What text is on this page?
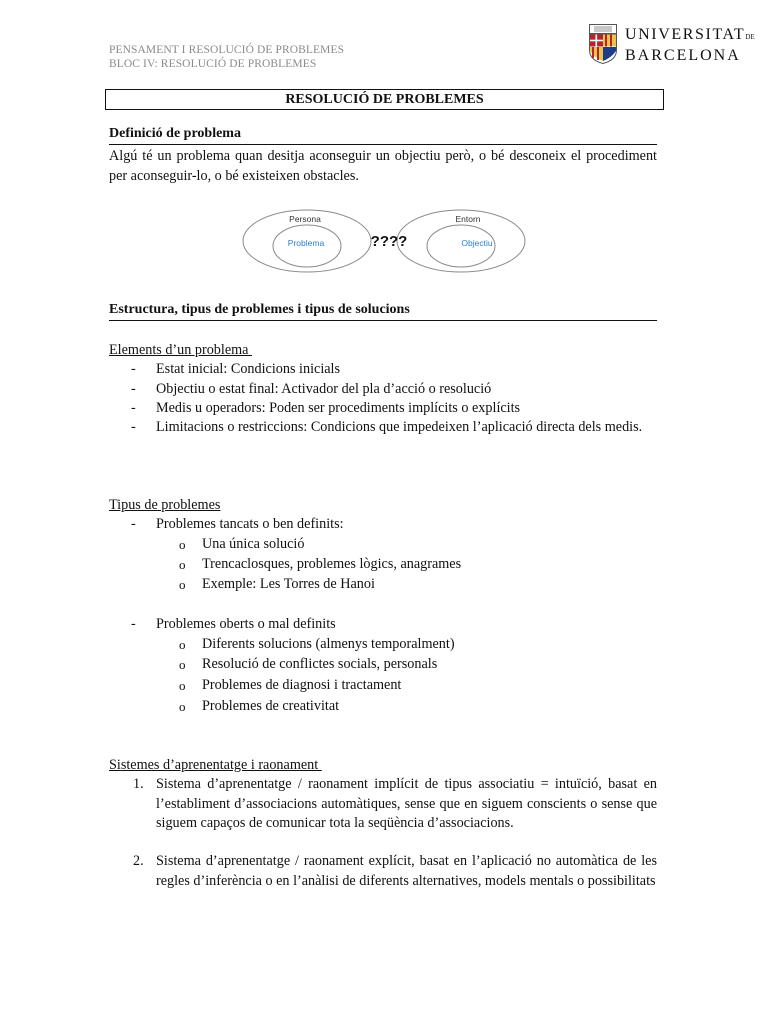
PENSAMENT I RESOLUCIÓ DE PROBLEMES
BLOC IV: RESOLUCIÓ DE PROBLEMES
UNIVERSITATDE
BARCELONA
RESOLUCIÓ DE PROBLEMES
Definició de problema
Algú té un problema quan desitja aconseguir un objectiu però, o bé desconeix el procediment per aconseguir-lo, o bé existeixen obstacles.
Persona
Problema	????
Entorn
Objectiu
Estructura, tipus de problemes i tipus de solucions
Elements d’un problema
- Estat inicial: Condicions inicials
- Objectiu o estat final: Activador del pla d’acció o resolució
- Medis u operadors: Poden ser procediments implícits o explícits
- Limitacions o restriccions: Condicions que impedeixen l’aplicació directa dels medis.
Tipus de problemes
- Problemes tancats o ben definits:
o Una única solució
o Trencaclosques, problemes lògics, anagrames
o Exemple: Les Torres de Hanoi
- Problemes oberts o mal definits
o Diferents solucions (almenys temporalment)
o Resolució de conflictes socials, personals
o Problemes de diagnosi i tractament
o Problemes de creativitat
Sistemes d’aprenentatge i raonament
1. Sistema d’aprenentatge / raonament implícit de tipus associatiu = intuïció, basat en l’establiment d’associacions automàtiques, sense que en siguem conscients o sense que siguem capaços de comunicar tota la seqüència d’associacions.
2. Sistema d’aprenentatge / raonament explícit, basat en l’aplicació no automàtica de les regles d’inferència o en l’anàlisi de diferents alternatives, models mentals o possibilitats
